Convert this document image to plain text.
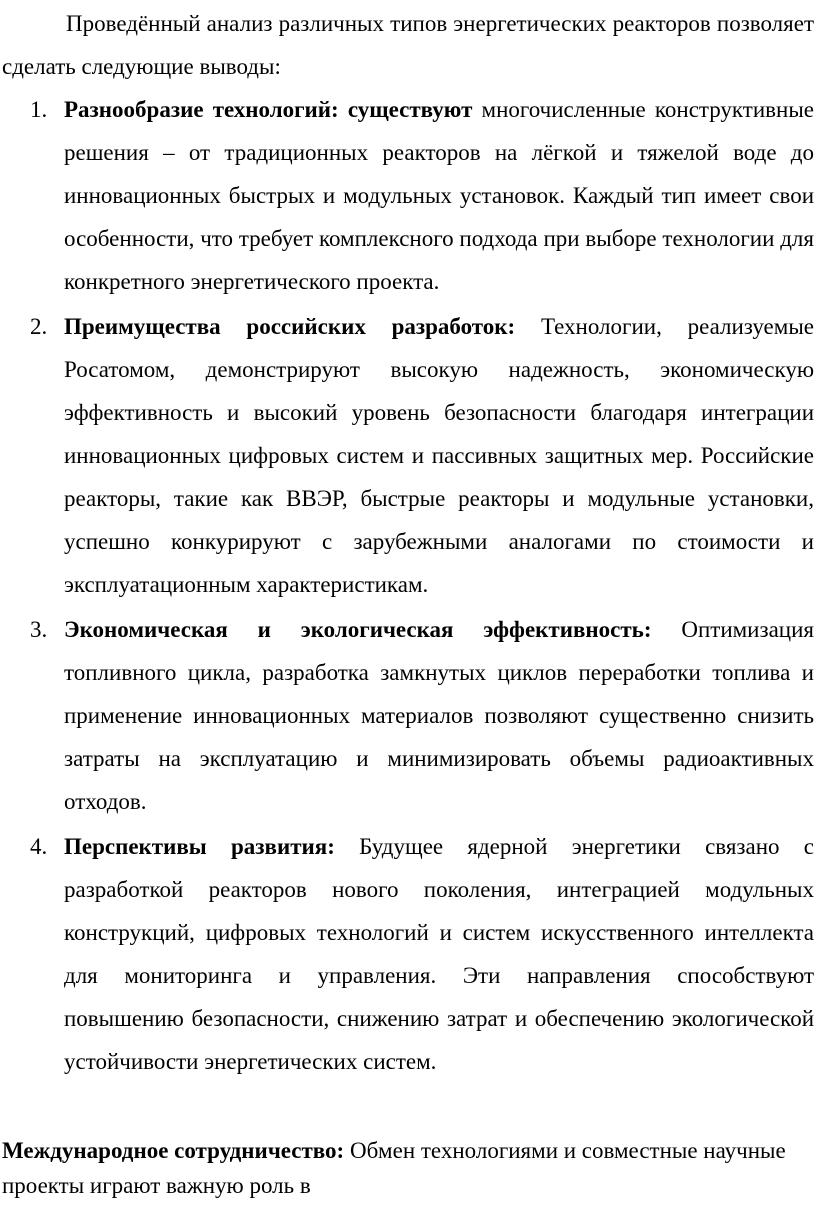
Проведённый анализ различных типов энергетических реакторов позволяет сделать следующие выводы:

1. Разнообразие технологий: существуют многочисленные конструктивные решения – от традиционных реакторов на лёгкой и тяжелой воде до инновационных быстрых и модульных установок. Каждый тип имеет свои особенности, что требует комплексного подхода при выборе технологии для конкретного энергетического проекта.
2. Преимущества российских разработок: Технологии, реализуемые Росатомом, демонстрируют высокую надежность, экономическую эффективность и высокий уровень безопасности благодаря интеграции инновационных цифровых систем и пассивных защитных мер. Российские реакторы, такие как ВВЭР, быстрые реакторы и модульные установки, успешно конкурируют с зарубежными аналогами по стоимости и эксплуатационным характеристикам.
3. Экономическая и экологическая эффективность: Оптимизация топливного цикла, разработка замкнутых циклов переработки топлива и применение инновационных материалов позволяют существенно снизить затраты на эксплуатацию и минимизировать объемы радиоактивных отходов.
4. Перспективы развития: Будущее ядерной энергетики связано с разработкой реакторов нового поколения, интеграцией модульных конструкций, цифровых технологий и систем искусственного интеллекта для мониторинга и управления. Эти направления способствуют повышению безопасности, снижению затрат и обеспечению экологической устойчивости энергетических систем.

Международное сотрудничество: Обмен технологиями и совместные научные проекты играют важную роль в
